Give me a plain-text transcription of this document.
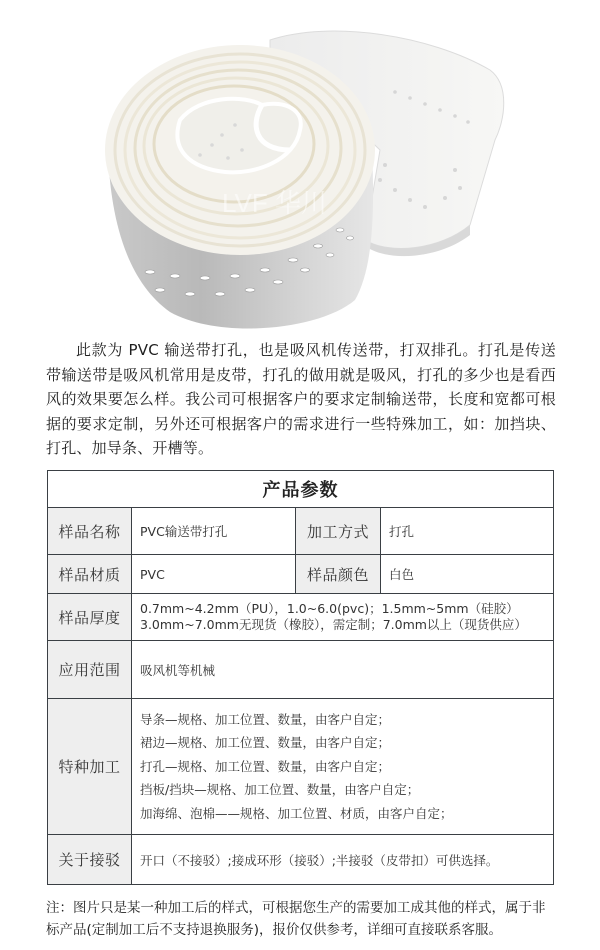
LVF 华川

此款为 PVC 输送带打孔，也是吸风机传送带，打双排孔。打孔是传送带输送带是吸风机常用是皮带，打孔的做用就是吸风，打孔的多少也是看西风的效果要怎么样。我公司可根据客户的要求定制输送带，长度和宽都可根据的要求定制，另外还可根据客户的需求进行一些特殊加工，如：加挡块、打孔、加导条、开槽等。

产品参数			
样品名称	PVC输送带打孔	加工方式	打孔
样品材质	PVC	样品颜色	白色
样品厚度	0.7mm~4.2mm（PU），1.0~6.0(pvc)；1.5mm~5mm（硅胶）
3.0mm~7.0mm无现货（橡胶），需定制；7.0mm以上（现货供应）		

应用范围	吸风机等机械		
特种加工	导条—规格、加工位置、数量，由客户自定；
裙边—规格、加工位置、数量，由客户自定；
打孔—规格、加工位置、数量，由客户自定；
挡板/挡块—规格、加工位置、数量，由客户自定；
加海绵、泡棉——规格、加工位置、材质，由客户自定；		

关于接驳	开口（不接驳）;接成环形（接驳）;半接驳（皮带扣）可供选择。		

注：图片只是某一种加工后的样式，可根据您生产的需要加工成其他的样式，属于非标产品(定制加工后不支持退换服务)，报价仅供参考，详细可直接联系客服。
